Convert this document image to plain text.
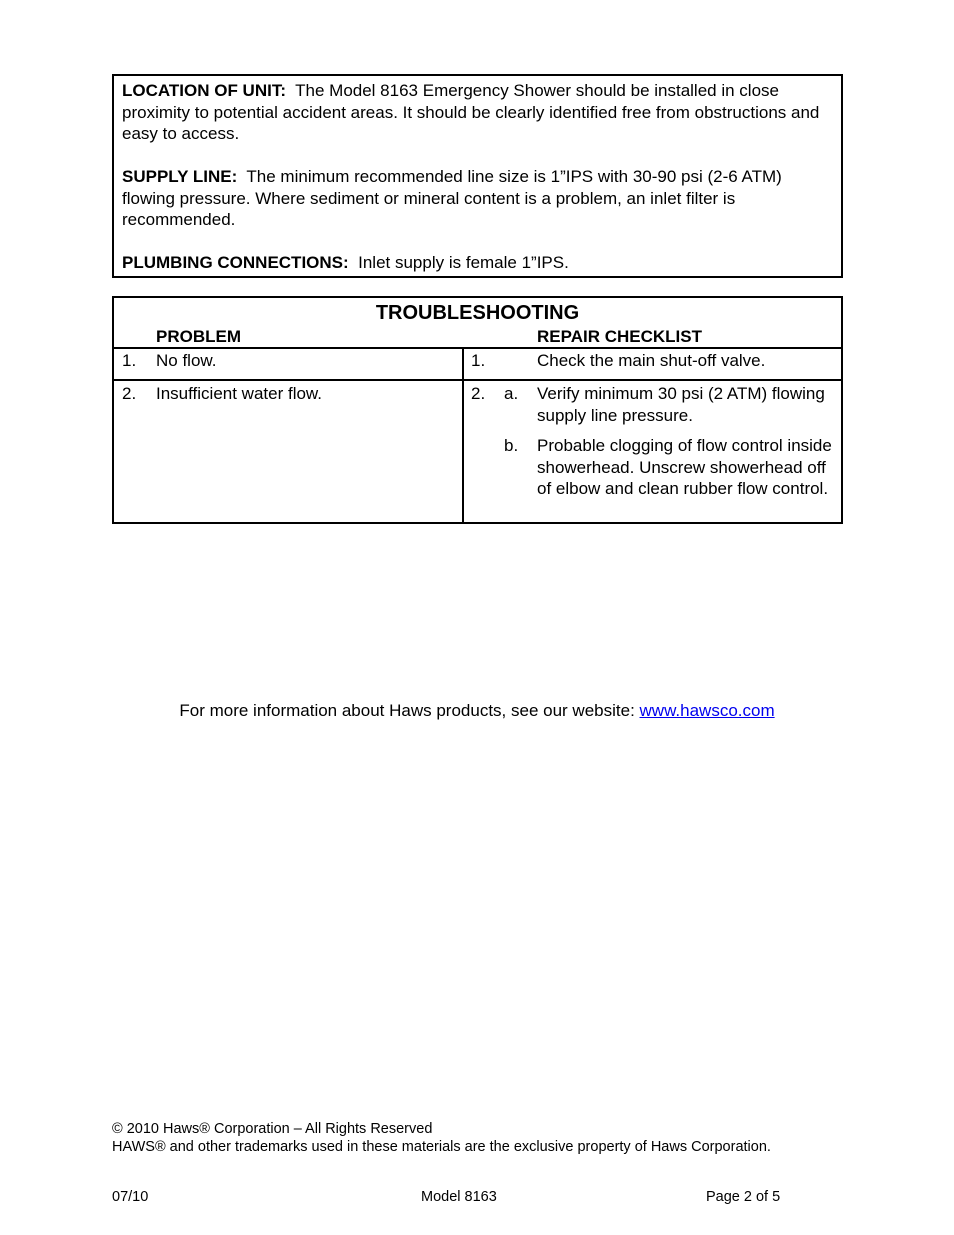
LOCATION OF UNIT: The Model 8163 Emergency Shower should be installed in close proximity to potential accident areas. It should be clearly identified free from obstructions and easy to access.

SUPPLY LINE: The minimum recommended line size is 1”IPS with 30-90 psi (2-6 ATM) flowing pressure. Where sediment or mineral content is a problem, an inlet filter is recommended.

PLUMBING CONNECTIONS: Inlet supply is female 1”IPS.

TROUBLESHOOTING
PROBLEM	REPAIR CHECKLIST
1. No flow.	1.	Check the main shut-off valve.
2. Insufficient water flow.	2. a. Verify minimum 30 psi (2 ATM) flowing supply line pressure.
b. Probable clogging of flow control inside showerhead. Unscrew showerhead off of elbow and clean rubber flow control.
For more information about Haws products, see our website: www.hawsco.com
© 2010 Haws® Corporation – All Rights Reserved
HAWS® and other trademarks used in these materials are the exclusive property of Haws Corporation.
07/10	Model 8163	Page 2 of 5
